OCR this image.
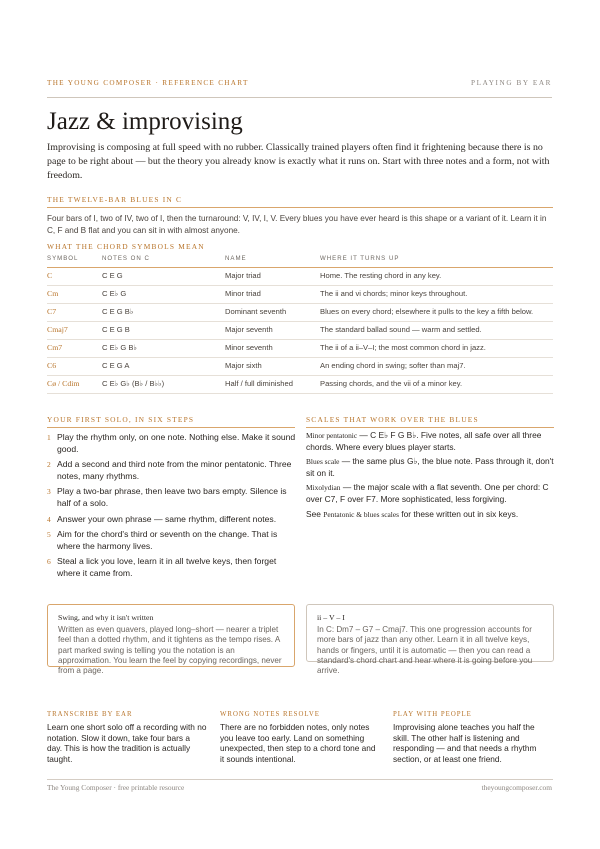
THE YOUNG COMPOSER · REFERENCE CHART	PLAYING BY EAR
Jazz & improvising

Improvising is composing at full speed with no rubber. Classically trained players often find it frightening because there is no page to be right about — but the theory you already know is exactly what it runs on. Start with three notes and a form, not with freedom.

THE TWELVE-BAR BLUES IN C

Four bars of I, two of IV, two of I, then the turnaround: V, IV, I, V. Every blues you have ever heard is this shape or a variant of it. Learn it in C, F and B flat and you can sit in with almost anyone.

WHAT THE CHORD SYMBOLS MEAN
SYMBOL	NOTES ON C	NAME	WHERE IT TURNS UP
C	C E G	Major triad	Home. The resting chord in any key.
Cm	C E♭ G	Minor triad	The ii and vi chords; minor keys throughout.
C7	C E G B♭	Dominant seventh	Blues on every chord; elsewhere it pulls to the key a fifth below.
Cmaj7	C E G B	Major seventh	The standard ballad sound — warm and settled.
Cm7	C E♭ G B♭	Minor seventh	The ii of a ii–V–I; the most common chord in jazz.
C6	C E G A	Major sixth	An ending chord in swing; softer than maj7.
Cø / Cdim	C E♭ G♭ (B♭ / B♭♭)	Half / full diminished	Passing chords, and the vii of a minor key.
YOUR FIRST SOLO, IN SIX STEPS	SCALES THAT WORK OVER THE BLUES
1 Play the rhythm only, on one note. Nothing else. Make it sound good.
2 Add a second and third note from the minor pentatonic. Three notes, many rhythms.
3 Play a two-bar phrase, then leave two bars empty. Silence is half of a solo.
4 Answer your own phrase — same rhythm, different notes.
5 Aim for the chord's third or seventh on the change. That is where the harmony lives.
6 Steal a lick you love, learn it in all twelve keys, then forget where it came from.

Minor pentatonic — C E♭ F G B♭. Five notes, all safe over all three chords. Where every blues player starts.

Blues scale — the same plus G♭, the blue note. Pass through it, don't sit on it.

Mixolydian — the major scale with a flat seventh. One per chord: C over C7, F over F7. More sophisticated, less forgiving.

See Pentatonic & blues scales for these written out in six keys.

Swing, and why it isn't written
Written as even quavers, played long–short — nearer a triplet feel than a dotted rhythm, and it tightens as the tempo rises. A part marked swing is telling you the notation is an approximation. You learn the feel by copying recordings, never from a page.
ii – V – I
In C: Dm7 – G7 – Cmaj7. This one progression accounts for more bars of jazz than any other. Learn it in all twelve keys, hands or fingers, until it is automatic — then you can read a standard's chord chart and hear where it is going before you arrive.
TRANSCRIBE BY EAR
Learn one short solo off a recording with no notation. Slow it down, take four bars a day. This is how the tradition is actually taught.
WRONG NOTES RESOLVE
There are no forbidden notes, only notes you leave too early. Land on something unexpected, then step to a chord tone and it sounds intentional.
PLAY WITH PEOPLE
Improvising alone teaches you half the skill. The other half is listening and responding — and that needs a rhythm section, or at least one friend.
The Young Composer · free printable resource	theyoungcomposer.com
